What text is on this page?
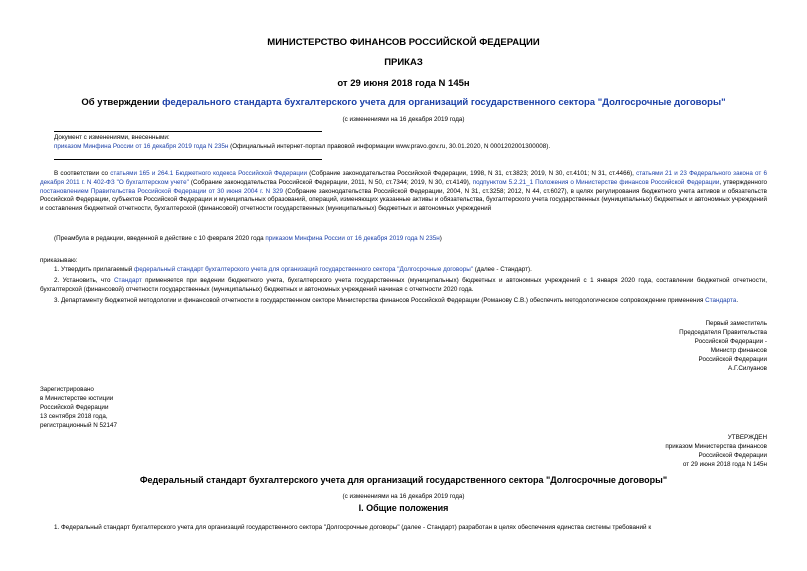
МИНИСТЕРСТВО ФИНАНСОВ РОССИЙСКОЙ ФЕДЕРАЦИИ
ПРИКАЗ
от 29 июня 2018 года N 145н
Об утверждении федерального стандарта бухгалтерского учета для организаций государственного сектора "Долгосрочные договоры"
(с изменениями на 16 декабря 2019 года)
Документ с изменениями, внесенными:
приказом Минфина России от 16 декабря 2019 года N 235н (Официальный интернет-портал правовой информации www.pravo.gov.ru, 30.01.2020, N 0001202001300008).
В соответствии со статьями 165 и 264.1 Бюджетного кодекса Российской Федерации (Собрание законодательства Российской Федерации, 1998, N 31, ст.3823; 2019, N 30, ст.4101; N 31, ст.4466), статьями 21 и 23 Федерального закона от 6 декабря 2011 г. N 402-ФЗ "О бухгалтерском учете" (Собрание законодательства Российской Федерации, 2011, N 50, ст.7344; 2019, N 30, ст.4149), подпунктом 5.2.21_1 Положения о Министерстве финансов Российской Федерации, утвержденного постановлением Правительства Российской Федерации от 30 июня 2004 г. N 329 (Собрание законодательства Российской Федерации, 2004, N 31, ст.3258; 2012, N 44, ст.6027), в целях регулирования бюджетного учета активов и обязательств Российской Федерации, субъектов Российской Федерации и муниципальных образований, операций, изменяющих указанные активы и обязательства, бухгалтерского учета государственных (муниципальных) бюджетных и автономных учреждений и составления бюджетной отчетности, бухгалтерской (финансовой) отчетности государственных (муниципальных) бюджетных и автономных учреждений
(Преамбула в редакции, введенной в действие с 10 февраля 2020 года приказом Минфина России от 16 декабря 2019 года N 235н)
приказываю:
1. Утвердить прилагаемый федеральный стандарт бухгалтерского учета для организаций государственного сектора "Долгосрочные договоры" (далее - Стандарт).
2. Установить, что Стандарт применяется при ведении бюджетного учета, бухгалтерского учета государственных (муниципальных) бюджетных и автономных учреждений с 1 января 2020 года, составлении бюджетной отчетности, бухгалтерской (финансовой) отчетности государственных (муниципальных) бюджетных и автономных учреждений начиная с отчетности 2020 года.
3. Департаменту бюджетной методологии и финансовой отчетности в государственном секторе Министерства финансов Российской Федерации (Романову С.В.) обеспечить методологическое сопровождение применения Стандарта.
Первый заместитель
Председателя Правительства
Российской Федерации -
Министр финансов
Российской Федерации
А.Г.Силуанов
Зарегистрировано
в Министерстве юстиции
Российской Федерации
13 сентября 2018 года,
регистрационный N 52147
УТВЕРЖДЕН
приказом Министерства финансов
Российской Федерации
от 29 июня 2018 года N 145н
Федеральный стандарт бухгалтерского учета для организаций государственного сектора "Долгосрочные договоры"
(с изменениями на 16 декабря 2019 года)
I. Общие положения
1. Федеральный стандарт бухгалтерского учета для организаций государственного сектора "Долгосрочные договоры" (далее - Стандарт) разработан в целях обеспечения единства системы требований к
